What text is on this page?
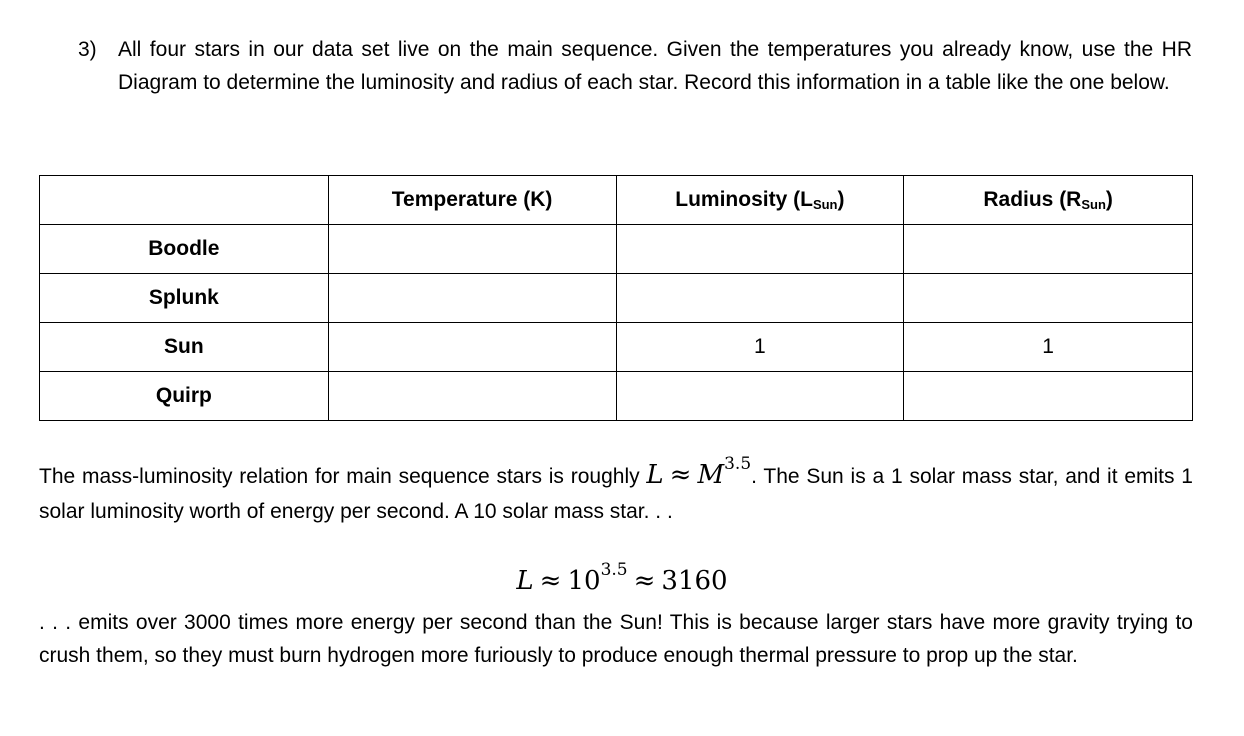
3)	All four stars in our data set live on the main sequence. Given the temperatures you already know, use the HR Diagram to determine the luminosity and radius of each star. Record this information in a table like the one below.
	Temperature (K)	Luminosity $(L_{Sun})$	Radius $(R_{Sun})$
Boodle			
Splunk			
Sun		1	1
Quirp			
The mass-luminosity relation for main sequence stars is roughly $L \approx M^{3.5}$. The Sun is a 1 solar mass star, and it emits 1 solar luminosity worth of energy per second. A 10 solar mass star. . .
$L \approx 10^{3.5} \approx 3160$
. . . emits over 3000 times more energy per second than the Sun! This is because larger stars have more gravity trying to crush them, so they must burn hydrogen more furiously to produce enough thermal pressure to prop up the star.
